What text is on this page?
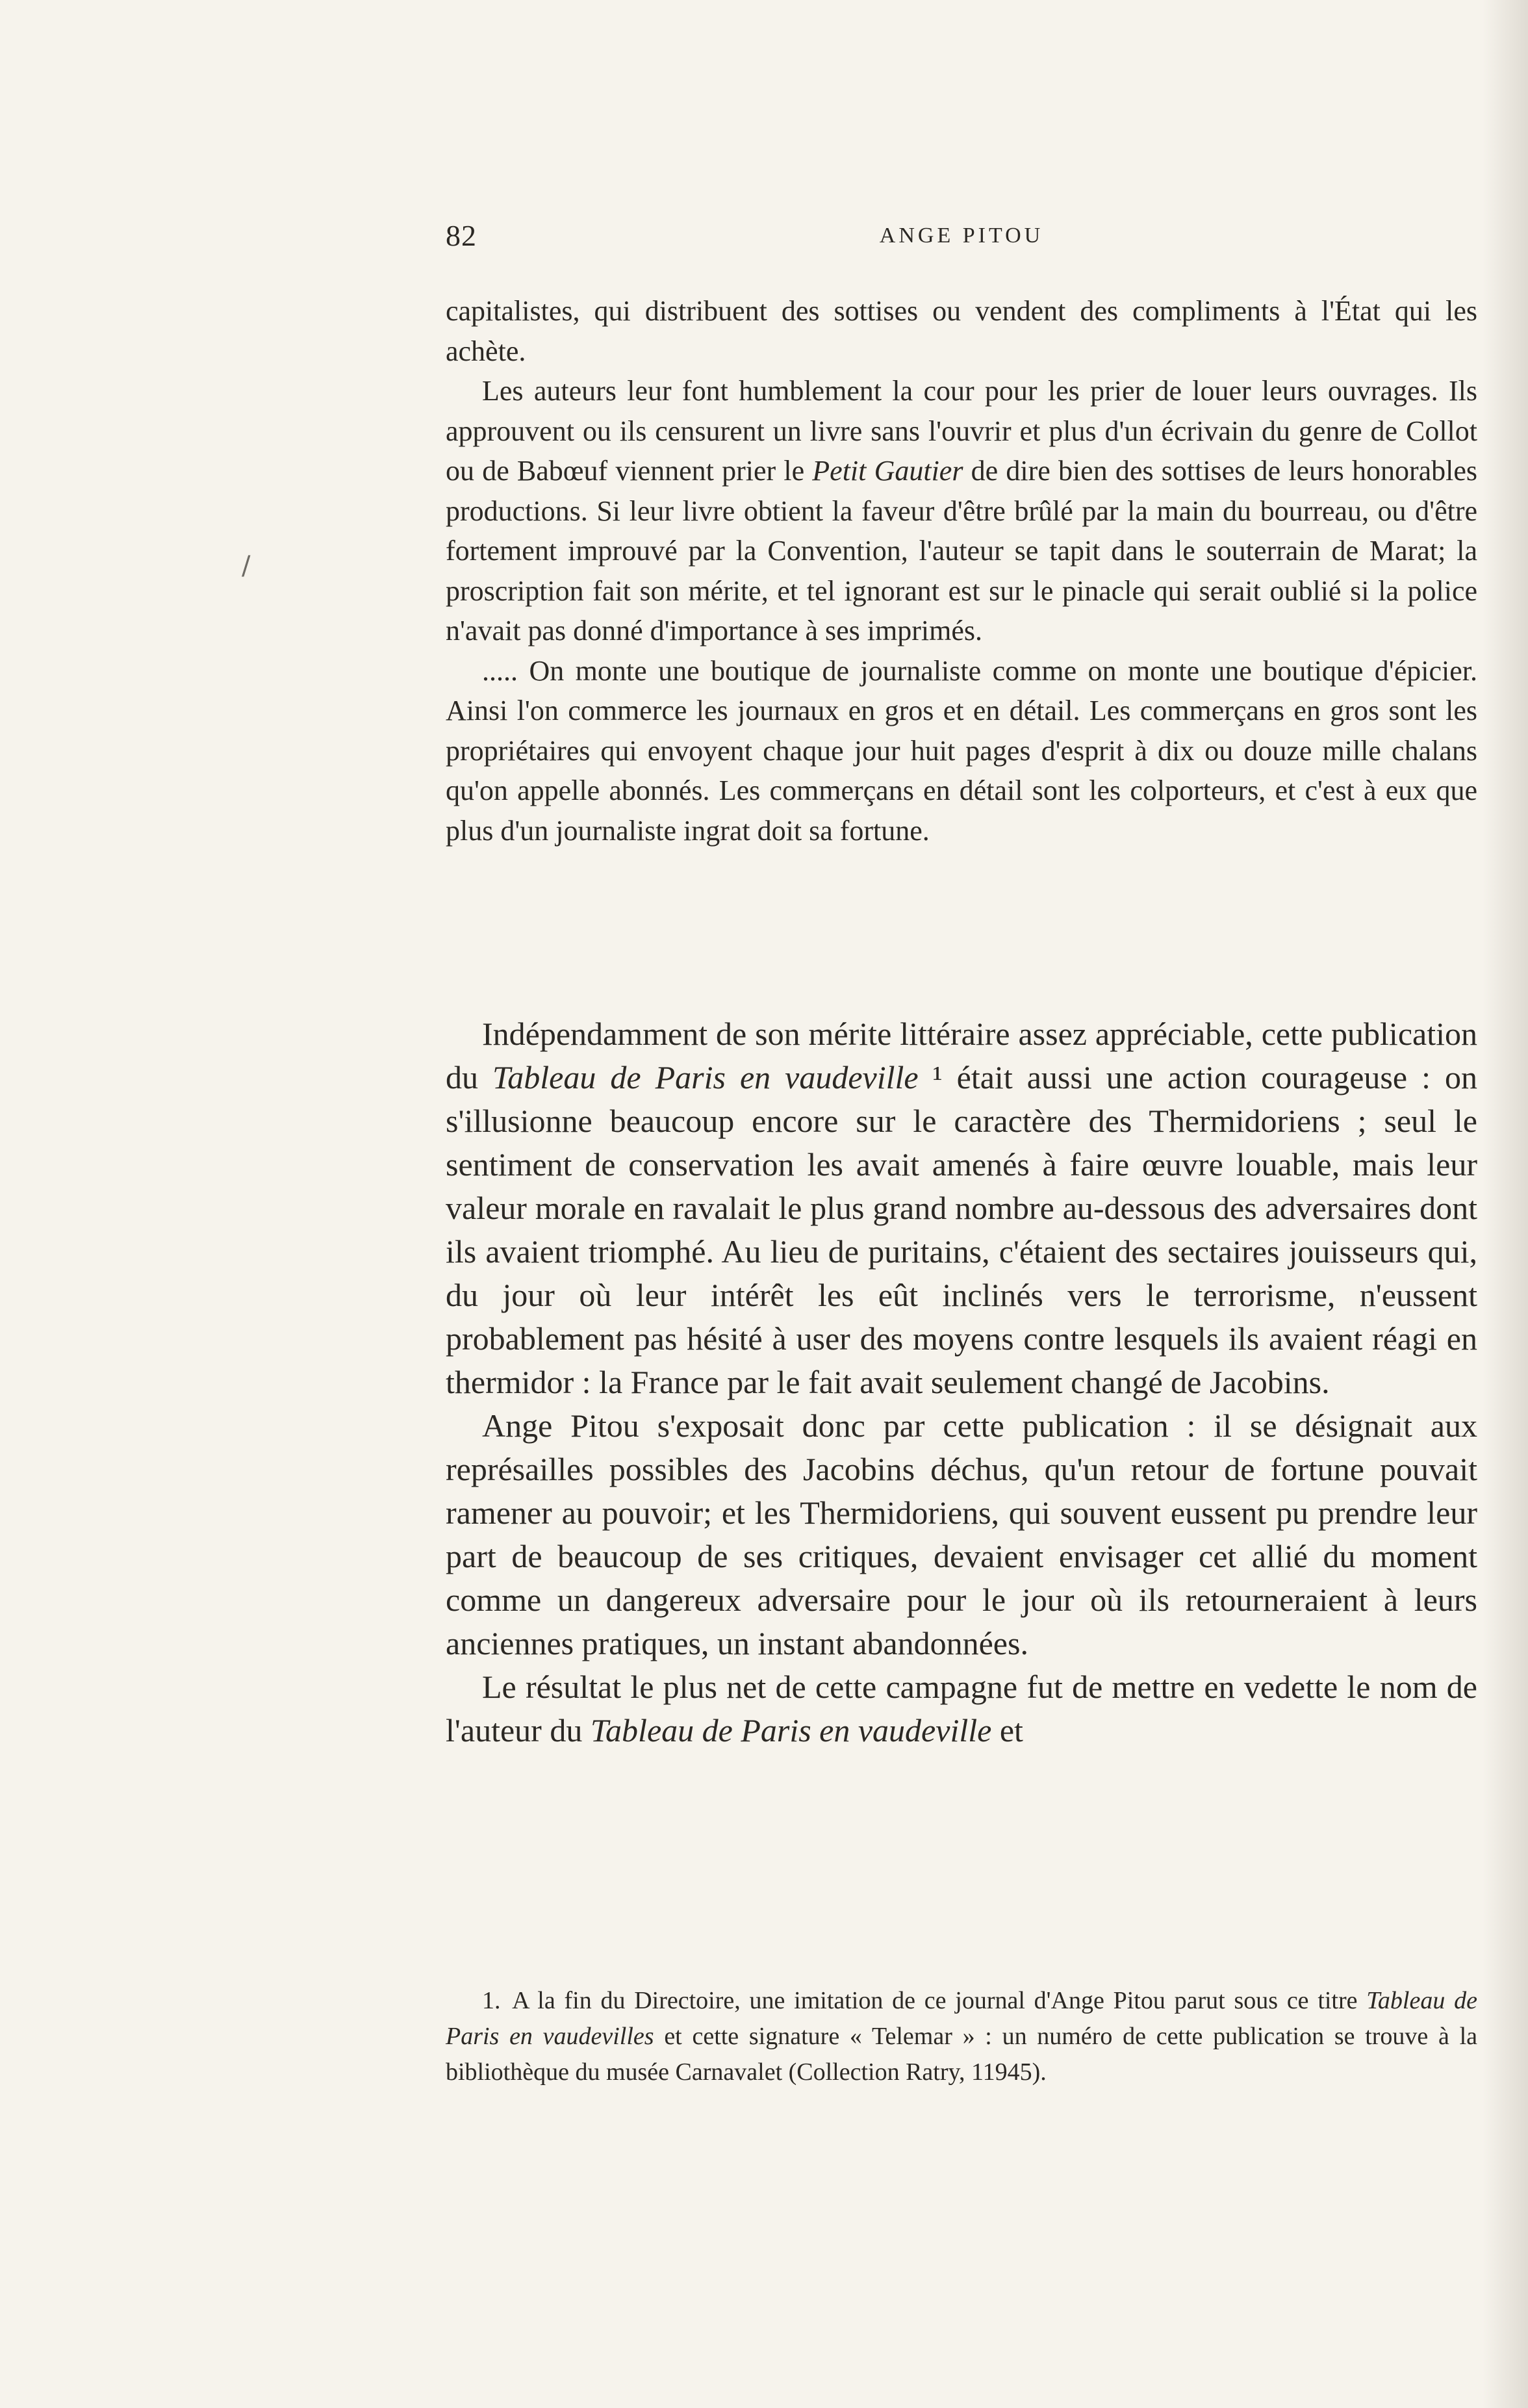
/
82	ANGE PITOU

capitalistes, qui distribuent des sottises ou vendent des compliments à l'État qui les achète.

Les auteurs leur font humblement la cour pour les prier de louer leurs ouvrages. Ils approuvent ou ils censurent un livre sans l'ouvrir et plus d'un écrivain du genre de Collot ou de Babœuf viennent prier le Petit Gautier de dire bien des sottises de leurs honorables productions. Si leur livre obtient la faveur d'être brûlé par la main du bourreau, ou d'être fortement improuvé par la Convention, l'auteur se tapit dans le souterrain de Marat; la proscription fait son mérite, et tel ignorant est sur le pinacle qui serait oublié si la police n'avait pas donné d'importance à ses imprimés.

..... On monte une boutique de journaliste comme on monte une boutique d'épicier. Ainsi l'on commerce les journaux en gros et en détail. Les commerçans en gros sont les propriétaires qui envoyent chaque jour huit pages d'esprit à dix ou douze mille chalans qu'on appelle abonnés. Les commerçans en détail sont les colporteurs, et c'est à eux que plus d'un journaliste ingrat doit sa fortune.

Indépendamment de son mérite littéraire assez appréciable, cette publication du Tableau de Paris en vaudeville ¹ était aussi une action courageuse : on s'illusionne beaucoup encore sur le caractère des Thermidoriens ; seul le sentiment de conservation les avait amenés à faire œuvre louable, mais leur valeur morale en ravalait le plus grand nombre au-dessous des adversaires dont ils avaient triomphé. Au lieu de puritains, c'étaient des sectaires jouisseurs qui, du jour où leur intérêt les eût inclinés vers le terrorisme, n'eussent probablement pas hésité à user des moyens contre lesquels ils avaient réagi en thermidor : la France par le fait avait seulement changé de Jacobins.

Ange Pitou s'exposait donc par cette publication : il se désignait aux représailles possibles des Jacobins déchus, qu'un retour de fortune pouvait ramener au pouvoir; et les Thermidoriens, qui souvent eussent pu prendre leur part de beaucoup de ses critiques, devaient envisager cet allié du moment comme un dangereux adversaire pour le jour où ils retourneraient à leurs anciennes pratiques, un instant abandonnées.

Le résultat le plus net de cette campagne fut de mettre en vedette le nom de l'auteur du Tableau de Paris en vaudeville et

1. A la fin du Directoire, une imitation de ce journal d'Ange Pitou parut sous ce titre Tableau de Paris en vaudevilles et cette signature « Telemar » : un numéro de cette publication se trouve à la bibliothèque du musée Carnavalet (Collection Ratry, 11945).
